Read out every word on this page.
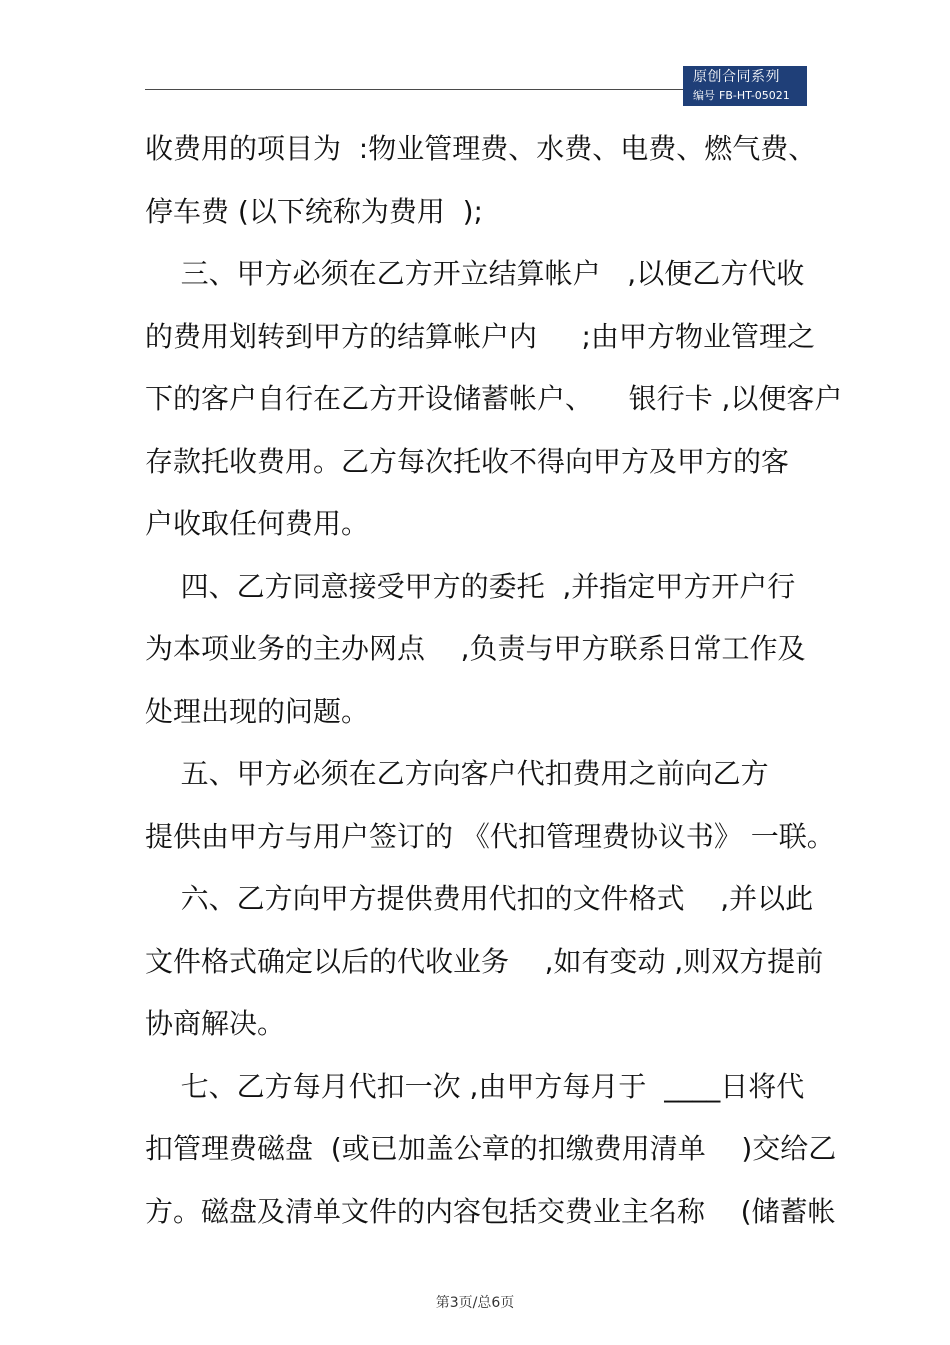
原创合同系列
编号 FB-HT-05021
收费用的项目为  :物业管理费、水费、电费、燃气费、
停车费 (以下统称为费用  );
三、甲方必须在乙方开立结算帐户   ,以便乙方代收
的费用划转到甲方的结算帐户内     ;由甲方物业管理之
下的客户自行在乙方开设储蓄帐户、    银行卡 ,以便客户
存款托收费用。乙方每次托收不得向甲方及甲方的客
户收取任何费用。
四、乙方同意接受甲方的委托  ,并指定甲方开户行
为本项业务的主办网点    ,负责与甲方联系日常工作及
处理出现的问题。
五、甲方必须在乙方向客户代扣费用之前向乙方
提供由甲方与用户签订的 《代扣管理费协议书》 一联。
六、乙方向甲方提供费用代扣的文件格式    ,并以此
文件格式确定以后的代收业务    ,如有变动 ,则双方提前
协商解决。
七、乙方每月代扣一次 ,由甲方每月于  ____日将代
扣管理费磁盘  (或已加盖公章的扣缴费用清单    )交给乙
方。磁盘及清单文件的内容包括交费业主名称    (储蓄帐
第3页/总6页
